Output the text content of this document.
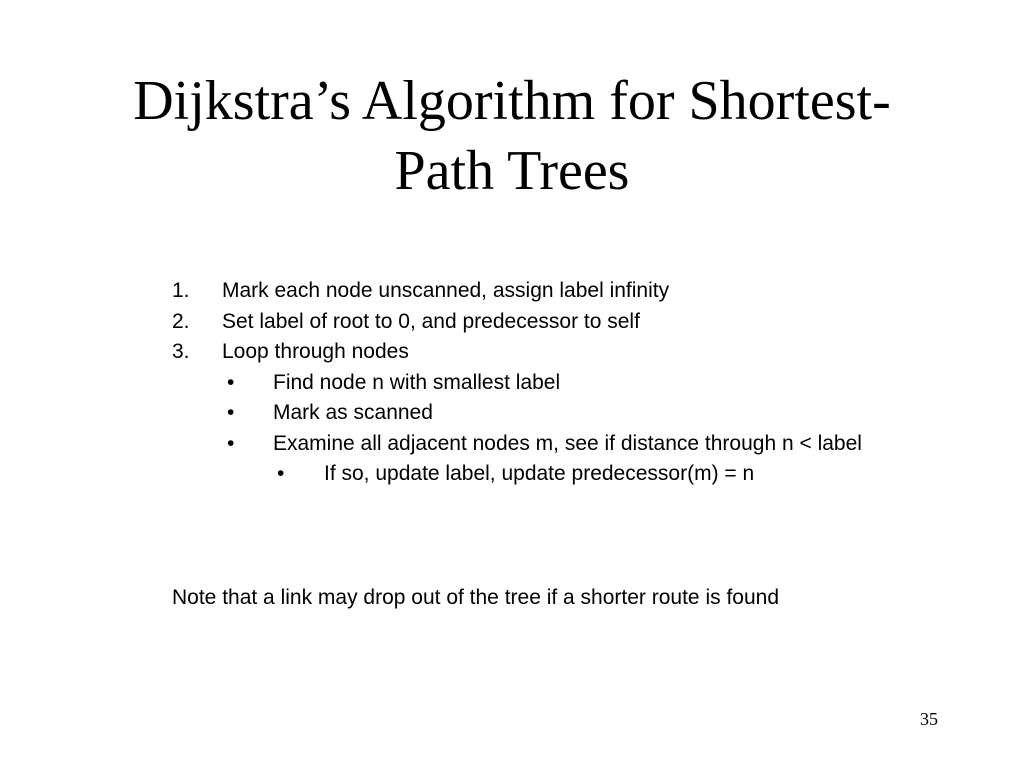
Dijkstra’s Algorithm for Shortest-
Path Trees
1. Mark each node unscanned, assign label infinity
2. Set label of root to 0, and predecessor to self
3. Loop through nodes
• Find node n with smallest label
• Mark as scanned
• Examine all adjacent nodes m, see if distance through n < label
• If so, update label, update predecessor(m) = n
Note that a link may drop out of the tree if a shorter route is found
35
